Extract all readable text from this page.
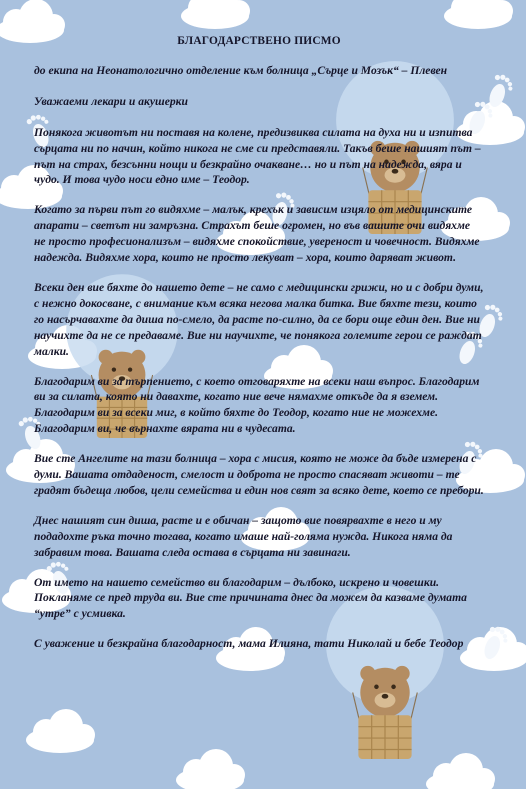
БЛАГОДАРСТВЕНО ПИСМО
до екипа на Неонатологично отделение към болница „Сърце и Мозък“ – Плевен
Уважаеми лекари и акушерки
Понякога животът ни поставя на колене, предизвиква силата на духа ни и изпитва сърцата ни по начин, който никога не сме си представяли. Такъв беше нашият път – път на страх, безсънни нощи и безкрайно очакване… но и път на надежда, вяра и чудо. И това чудо носи едно име – Теодор.
Когато за първи път го видяхме – малък, крехък и зависим изцяло от медицинските апарати – светът ни замръзна. Страхът беше огромен, но във вашите очи видяхме не просто професионализъм – видяхме спокойствие, увереност и човечност. Видяхме надежда. Видяхме хора, които не просто лекуват – хора, които даряват живот.
Всеки ден вие бяхте до нашето дете – не само с медицински грижи, но и с добри думи, с нежно докосване, с внимание към всяка негова малка битка. Вие бяхте тези, които го насърчавахте да диша по-смело, да расте по-силно, да се бори още един ден. Вие ни научихте да не се предаваме. Вие ни научихте, че понякога големите герои се раждат малки.
Благодарим ви за търпението, с което отговаряхте на всеки наш въпрос. Благодарим ви за силата, която ни давахте, когато ние вече нямахме откъде да я вземем. Благодарим ви за всеки миг, в който бяхте до Теодор, когато ние не можехме. Благодарим ви, че върнахте вярата ни в чудесата.
Вие сте Ангелите на тази болница – хора с мисия, която не може да бъде измерена с думи. Вашата отдаденост, смелост и доброта не просто спасяват животи – те градят бъдеща любов, цели семейства и един нов свят за всяко дете, което се пребори.
Днес нашият син диша, расте и е обичан – защото вие повярвахте в него и му подадохте ръка точно тогава, когато имаше най-голяма нужда. Никога няма да забравим това. Вашата следа остава в сърцата ни завинаги.
От името на нашето семейство ви благодарим – дълбоко, искрено и човешки. Покланяме се пред труда ви. Вие сте причината днес да можем да казваме думата “утре” с усмивка.
С уважение и безкрайна благодарност, мама Илияна, тати Николай и бебе Теодор
